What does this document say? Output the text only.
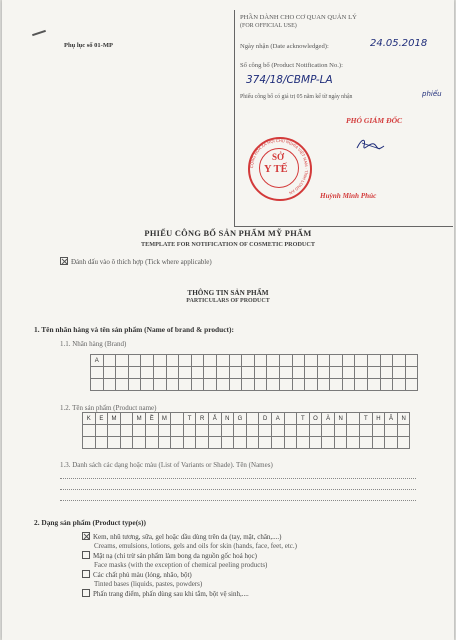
Phụ lục số 01-MP
PHẦN DÀNH CHO CƠ QUAN QUẢN LÝ
(FOR OFFICIAL USE)
Ngày nhận (Date acknowledged):	24.05.2018
Số công bố (Product Notification No.):
374/18/CBMP-LA
Phiếu công bố có giá trị 05 năm kể từ ngày nhận	phiếu
CỘNG HÒA XÃ HỘI CHỦ NGHĨA VIỆT NAM · TỈNH LONG AN
SỞ
Y TẾ
PHÓ GIÁM ĐỐC
Huỳnh Minh Phúc
PHIẾU CÔNG BỐ SẢN PHẨM MỸ PHẨM
TEMPLATE FOR NOTIFICATION OF COSMETIC PRODUCT
Đánh dấu vào ô thích hợp (Tick where applicable)
THÔNG TIN SẢN PHẨM
PARTICULARS OF PRODUCT
1. Tên nhãn hàng và tên sản phẩm (Name of brand & product):
1.1. Nhãn hàng (Brand)
A																									

1.2. Tên sản phẩm (Product name)
K	E	M		M	Ề	M		T	R	Ắ	N	G		D	A		T	O	À	N		T	H	Â	N

1.3. Danh sách các dạng hoặc màu (List of Variants or Shade). Tên (Names)
2. Dạng sản phẩm (Product type(s))
Kem, nhũ tương, sữa, gel hoặc dầu dùng trên da (tay, mặt, chân,....)
Creams, emulsions, lotions, gels and oils for skin (hands, face, feet, etc.)
Mặt nạ (chỉ trừ sản phẩm làm bong da nguồn gốc hoá học)
Face masks (with the exception of chemical peeling products)
Các chất phủ màu (lỏng, nhão, bột)
Tinted bases (liquids, pastes, powders)
Phấn trang điểm, phấn dùng sau khi tắm, bột vệ sinh,....
